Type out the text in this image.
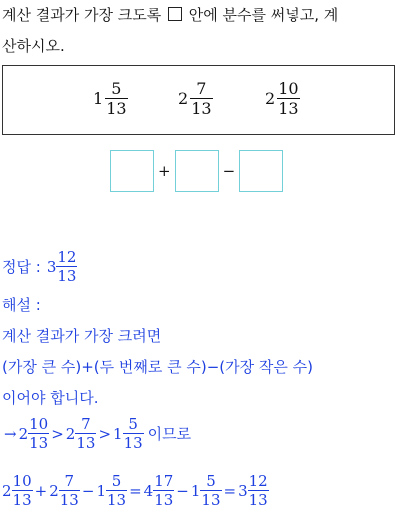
계산 결과가 가장 크도록 안에 분수를 써넣고, 계
산하시오.
$1 \frac{5}{13}$	$2 \frac{7}{13}$	$2 \frac{10}{13}$
+	−
정답 : $3 \frac{12}{13}$
해설 :
계산 결과가 가장 크려면
(가장 큰 수)+(두 번째로 큰 수)−(가장 작은 수)
이어야 합니다.
→ $2 \frac{10}{13} > 2 \frac{7}{13} > 1 \frac{5}{13}$ 이므로
$2 \frac{10}{13} + 2 \frac{7}{13} - 1 \frac{5}{13} = 4 \frac{17}{13} - 1 \frac{5}{13} = 3 \frac{12}{13}$
